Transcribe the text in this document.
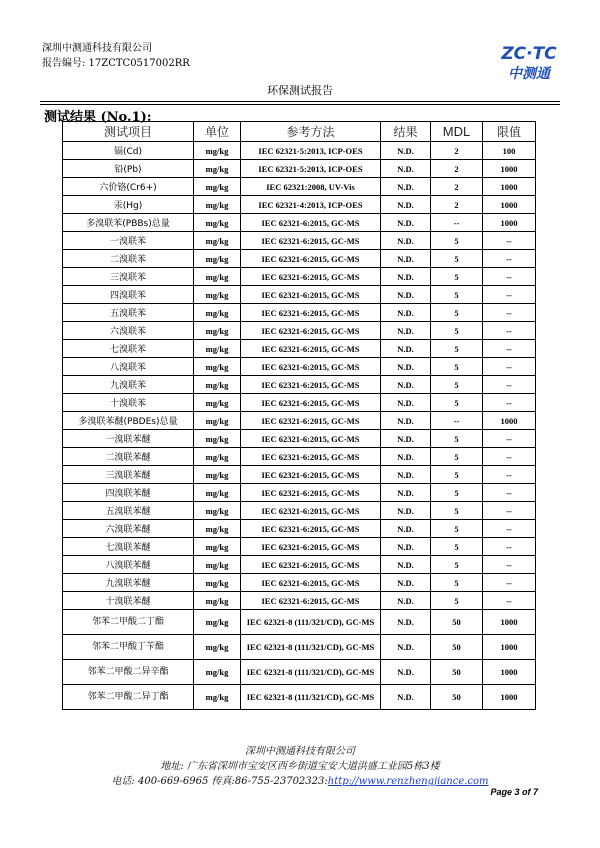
深圳中测通科技有限公司
报告编号: 17ZCTC0517002RR	ZC·TC
中测通
环保测试报告
测试结果 (No.1):
测试项目	单位	参考方法	结果	MDL	限值
镉(Cd)	mg/kg	IEC 62321-5:2013, ICP-OES	N.D.	2	100
铅(Pb)	mg/kg	IEC 62321-5:2013, ICP-OES	N.D.	2	1000
六价铬(Cr6+)	mg/kg	IEC 62321:2008, UV-Vis	N.D.	2	1000
汞(Hg)	mg/kg	IEC 62321-4:2013, ICP-OES	N.D.	2	1000
多溴联苯(PBBs)总量	mg/kg	IEC 62321-6:2015, GC-MS	N.D.	--	1000
一溴联苯	mg/kg	IEC 62321-6:2015, GC-MS	N.D.	5	--
二溴联苯	mg/kg	IEC 62321-6:2015, GC-MS	N.D.	5	--
三溴联苯	mg/kg	IEC 62321-6:2015, GC-MS	N.D.	5	--
四溴联苯	mg/kg	IEC 62321-6:2015, GC-MS	N.D.	5	--
五溴联苯	mg/kg	IEC 62321-6:2015, GC-MS	N.D.	5	--
六溴联苯	mg/kg	IEC 62321-6:2015, GC-MS	N.D.	5	--
七溴联苯	mg/kg	IEC 62321-6:2015, GC-MS	N.D.	5	--
八溴联苯	mg/kg	IEC 62321-6:2015, GC-MS	N.D.	5	--
九溴联苯	mg/kg	IEC 62321-6:2015, GC-MS	N.D.	5	--
十溴联苯	mg/kg	IEC 62321-6:2015, GC-MS	N.D.	5	--
多溴联苯醚(PBDEs)总量	mg/kg	IEC 62321-6:2015, GC-MS	N.D.	--	1000
一溴联苯醚	mg/kg	IEC 62321-6:2015, GC-MS	N.D.	5	--
二溴联苯醚	mg/kg	IEC 62321-6:2015, GC-MS	N.D.	5	--
三溴联苯醚	mg/kg	IEC 62321-6:2015, GC-MS	N.D.	5	--
四溴联苯醚	mg/kg	IEC 62321-6:2015, GC-MS	N.D.	5	--
五溴联苯醚	mg/kg	IEC 62321-6:2015, GC-MS	N.D.	5	--
六溴联苯醚	mg/kg	IEC 62321-6:2015, GC-MS	N.D.	5	--
七溴联苯醚	mg/kg	IEC 62321-6:2015, GC-MS	N.D.	5	--
八溴联苯醚	mg/kg	IEC 62321-6:2015, GC-MS	N.D.	5	--
九溴联苯醚	mg/kg	IEC 62321-6:2015, GC-MS	N.D.	5	--
十溴联苯醚	mg/kg	IEC 62321-6:2015, GC-MS	N.D.	5	--
邻苯二甲酸二丁酯	mg/kg	IEC 62321-8 (111/321/CD), GC-MS	N.D.	50	1000
邻苯二甲酸丁苄酯	mg/kg	IEC 62321-8 (111/321/CD), GC-MS	N.D.	50	1000
邻苯二甲酸二异辛酯	mg/kg	IEC 62321-8 (111/321/CD), GC-MS	N.D.	50	1000
邻苯二甲酸二异丁酯	mg/kg	IEC 62321-8 (111/321/CD), GC-MS	N.D.	50	1000
深圳中测通科技有限公司
地址: 广东省深圳市宝安区西乡街道宝安大道洪盛工业园5栋3楼
电话: 400-669-6965 传真:86-755-23702323:http://www.renzhengjiance.com
Page 3 of 7
